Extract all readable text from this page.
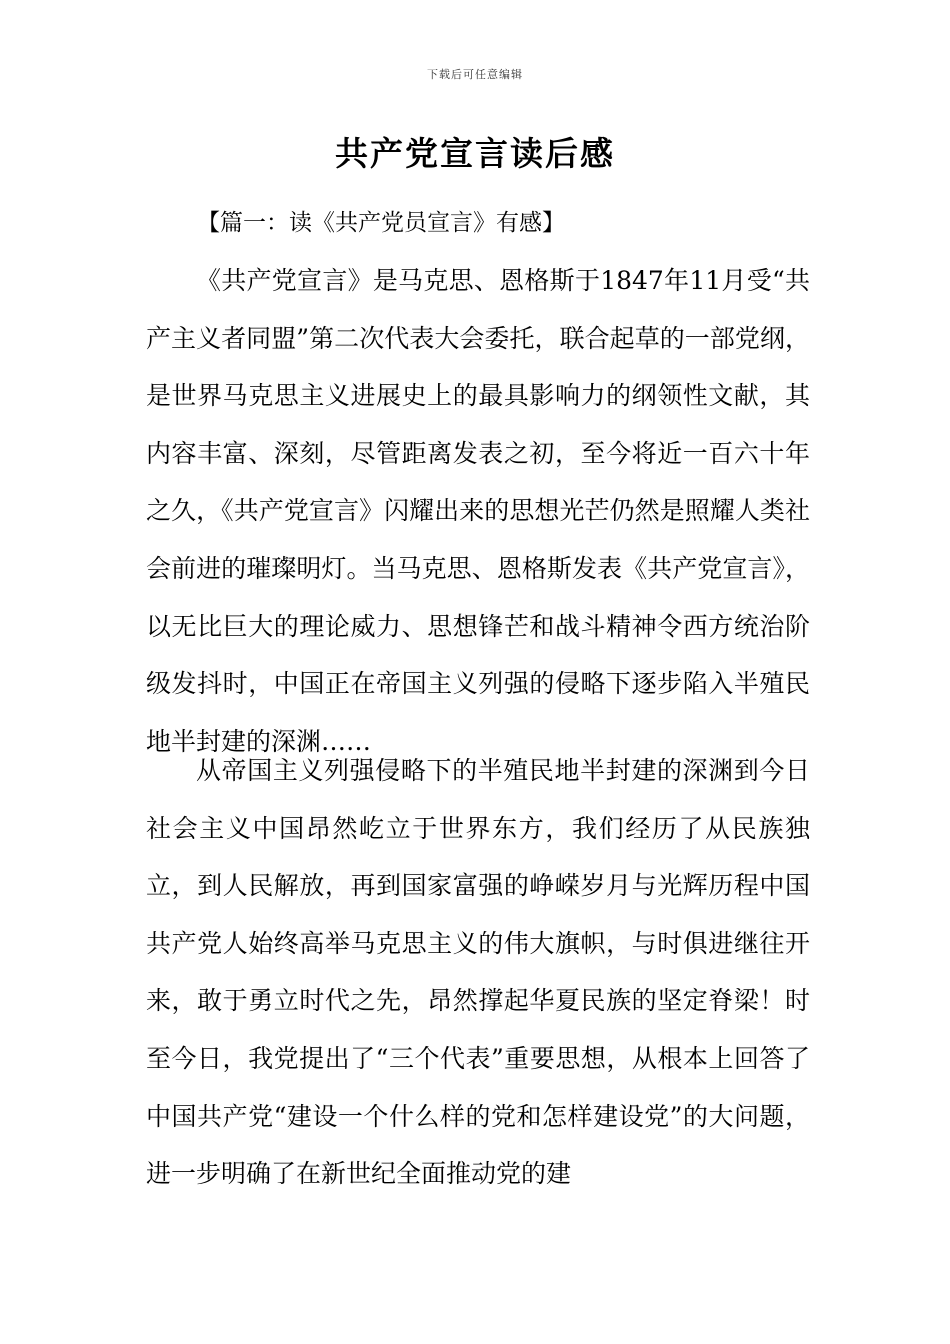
下载后可任意编辑
共产党宣言读后感
【篇一：读《共产党员宣言》有感】
《共产党宣言》是马克思、恩格斯于1847年11月受“共产主义者同盟”第二次代表大会委托，联合起草的一部党纲，是世界马克思主义进展史上的最具影响力的纲领性文献，其内容丰富、深刻，尽管距离发表之初，至今将近一百六十年之久，《共产党宣言》闪耀出来的思想光芒仍然是照耀人类社会前进的璀璨明灯。当马克思、恩格斯发表《共产党宣言》，以无比巨大的理论威力、思想锋芒和战斗精神令西方统治阶级发抖时，中国正在帝国主义列强的侵略下逐步陷入半殖民地半封建的深渊……
从帝国主义列强侵略下的半殖民地半封建的深渊到今日社会主义中国昂然屹立于世界东方，我们经历了从民族独立，到人民解放，再到国家富强的峥嵘岁月与光辉历程中国共产党人始终高举马克思主义的伟大旗帜，与时俱进继往开来，敢于勇立时代之先，昂然撑起华夏民族的坚定脊梁！时至今日，我党提出了“三个代表”重要思想，从根本上回答了中国共产党“建设一个什么样的党和怎样建设党”的大问题，进一步明确了在新世纪全面推动党的建
